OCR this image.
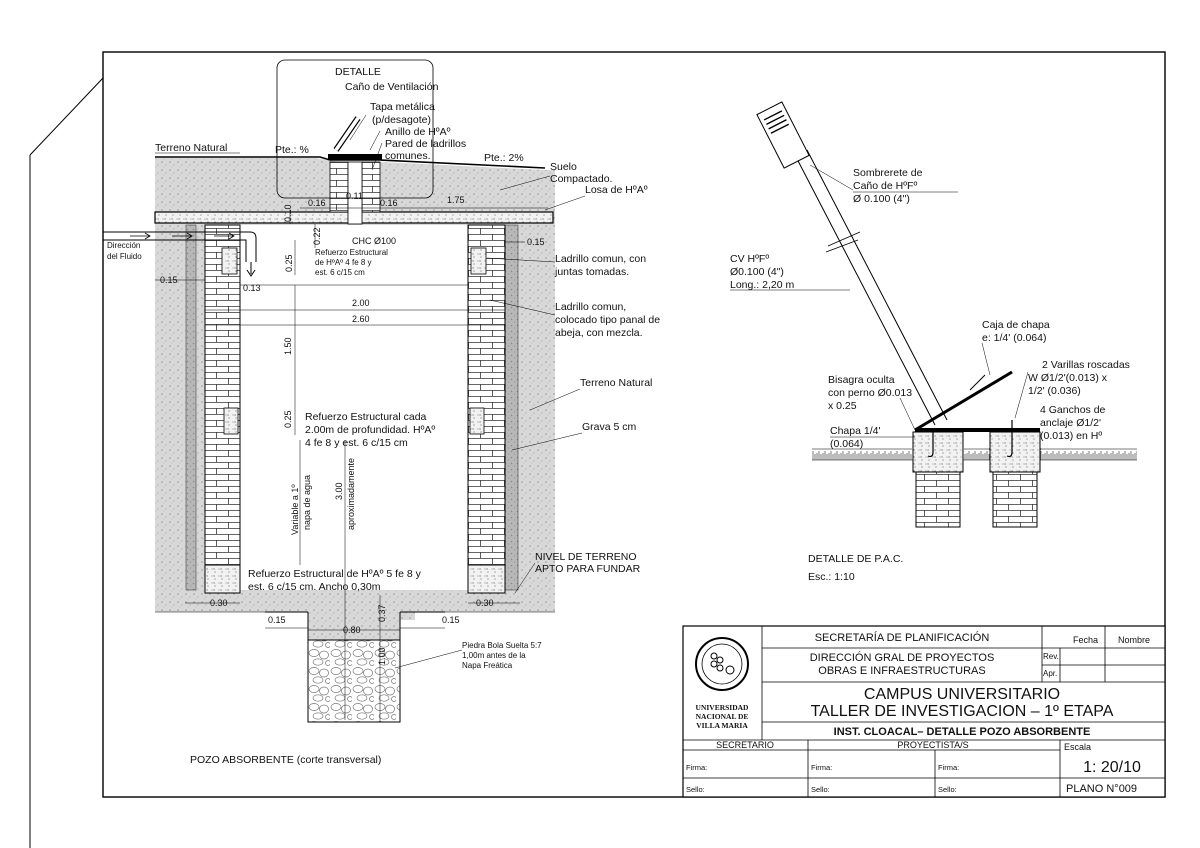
DETALLE
Caño de Ventilación
Tapa metálica
(p/desagote)
Anillo de HºAº
Pared de ladrillos
comunes.
Terreno Natural	Pte.: %
Pte.: 2%
Suelo
Compactado.
Losa de HºAº
Dirección
del Fluido
CHC Ø100
Refuerzo Estructural
de HºAº 4 fe 8 y
est. 6 c/15 cm
Ladrillo comun, con
juntas tomadas.
Ladrillo comun,
colocado tipo panal de
abeja, con mezcla.
Terreno Natural
Grava 5 cm
Refuerzo Estructural cada
2.00m de profundidad. HºAº
4 fe 8 y est. 6 c/15 cm
Variable a 1º napa de agua 3.00 aproximadamente
Refuerzo Estructural de HºAº 5 fe 8 y
est. 6 c/15 cm. Ancho 0,30m
NIVEL DE TERRENO
APTO PARA FUNDAR
Piedra Bola Suelta 5:7
1,00m antes de la
Napa Freática
0.16
0.11
0.16	1.75
0.10
0.22
0.25
0.15
0.15
0.13
2.00
2.60
1.50
0.25
0.30	0.30
0.15	0.15
0.37
0.80
1.00
POZO ABSORBENTE (corte transversal)
Sombrerete de
Caño de HºFº
Ø 0.100 (4")
CV HºFº
Ø0.100 (4")
Long.: 2,20 m
Caja de chapa
e: 1/4' (0.064)
2 Varillas roscadas
W Ø1/2'(0.013) x
1/2' (0.036)
Bisagra oculta
con perno Ø0.013
x 0.25	4 Ganchos de
anclaje Ø1/2'
(0.013) en Hº
Chapa 1/4'
(0.064)
DETALLE DE P.A.C.
Esc.: 1:10
UNIVERSIDAD
NACIONAL DE
VILLA MARIA
SECRETARÍA DE PLANIFICACIÓN
DIRECCIÓN GRAL DE PROYECTOS
OBRAS E INFRAESTRUCTURAS
Fecha Nombre
Rev.
Apr.
CAMPUS UNIVERSITARIO
TALLER DE INVESTIGACION – 1º ETAPA
INST. CLOACAL– DETALLE POZO ABSORBENTE
SECRETARIO	PROYECTISTA/S	Escala
1: 20/10
Firma:	Firma:	Firma:
Sello:	Sello:	Sello:	PLANO N°009
